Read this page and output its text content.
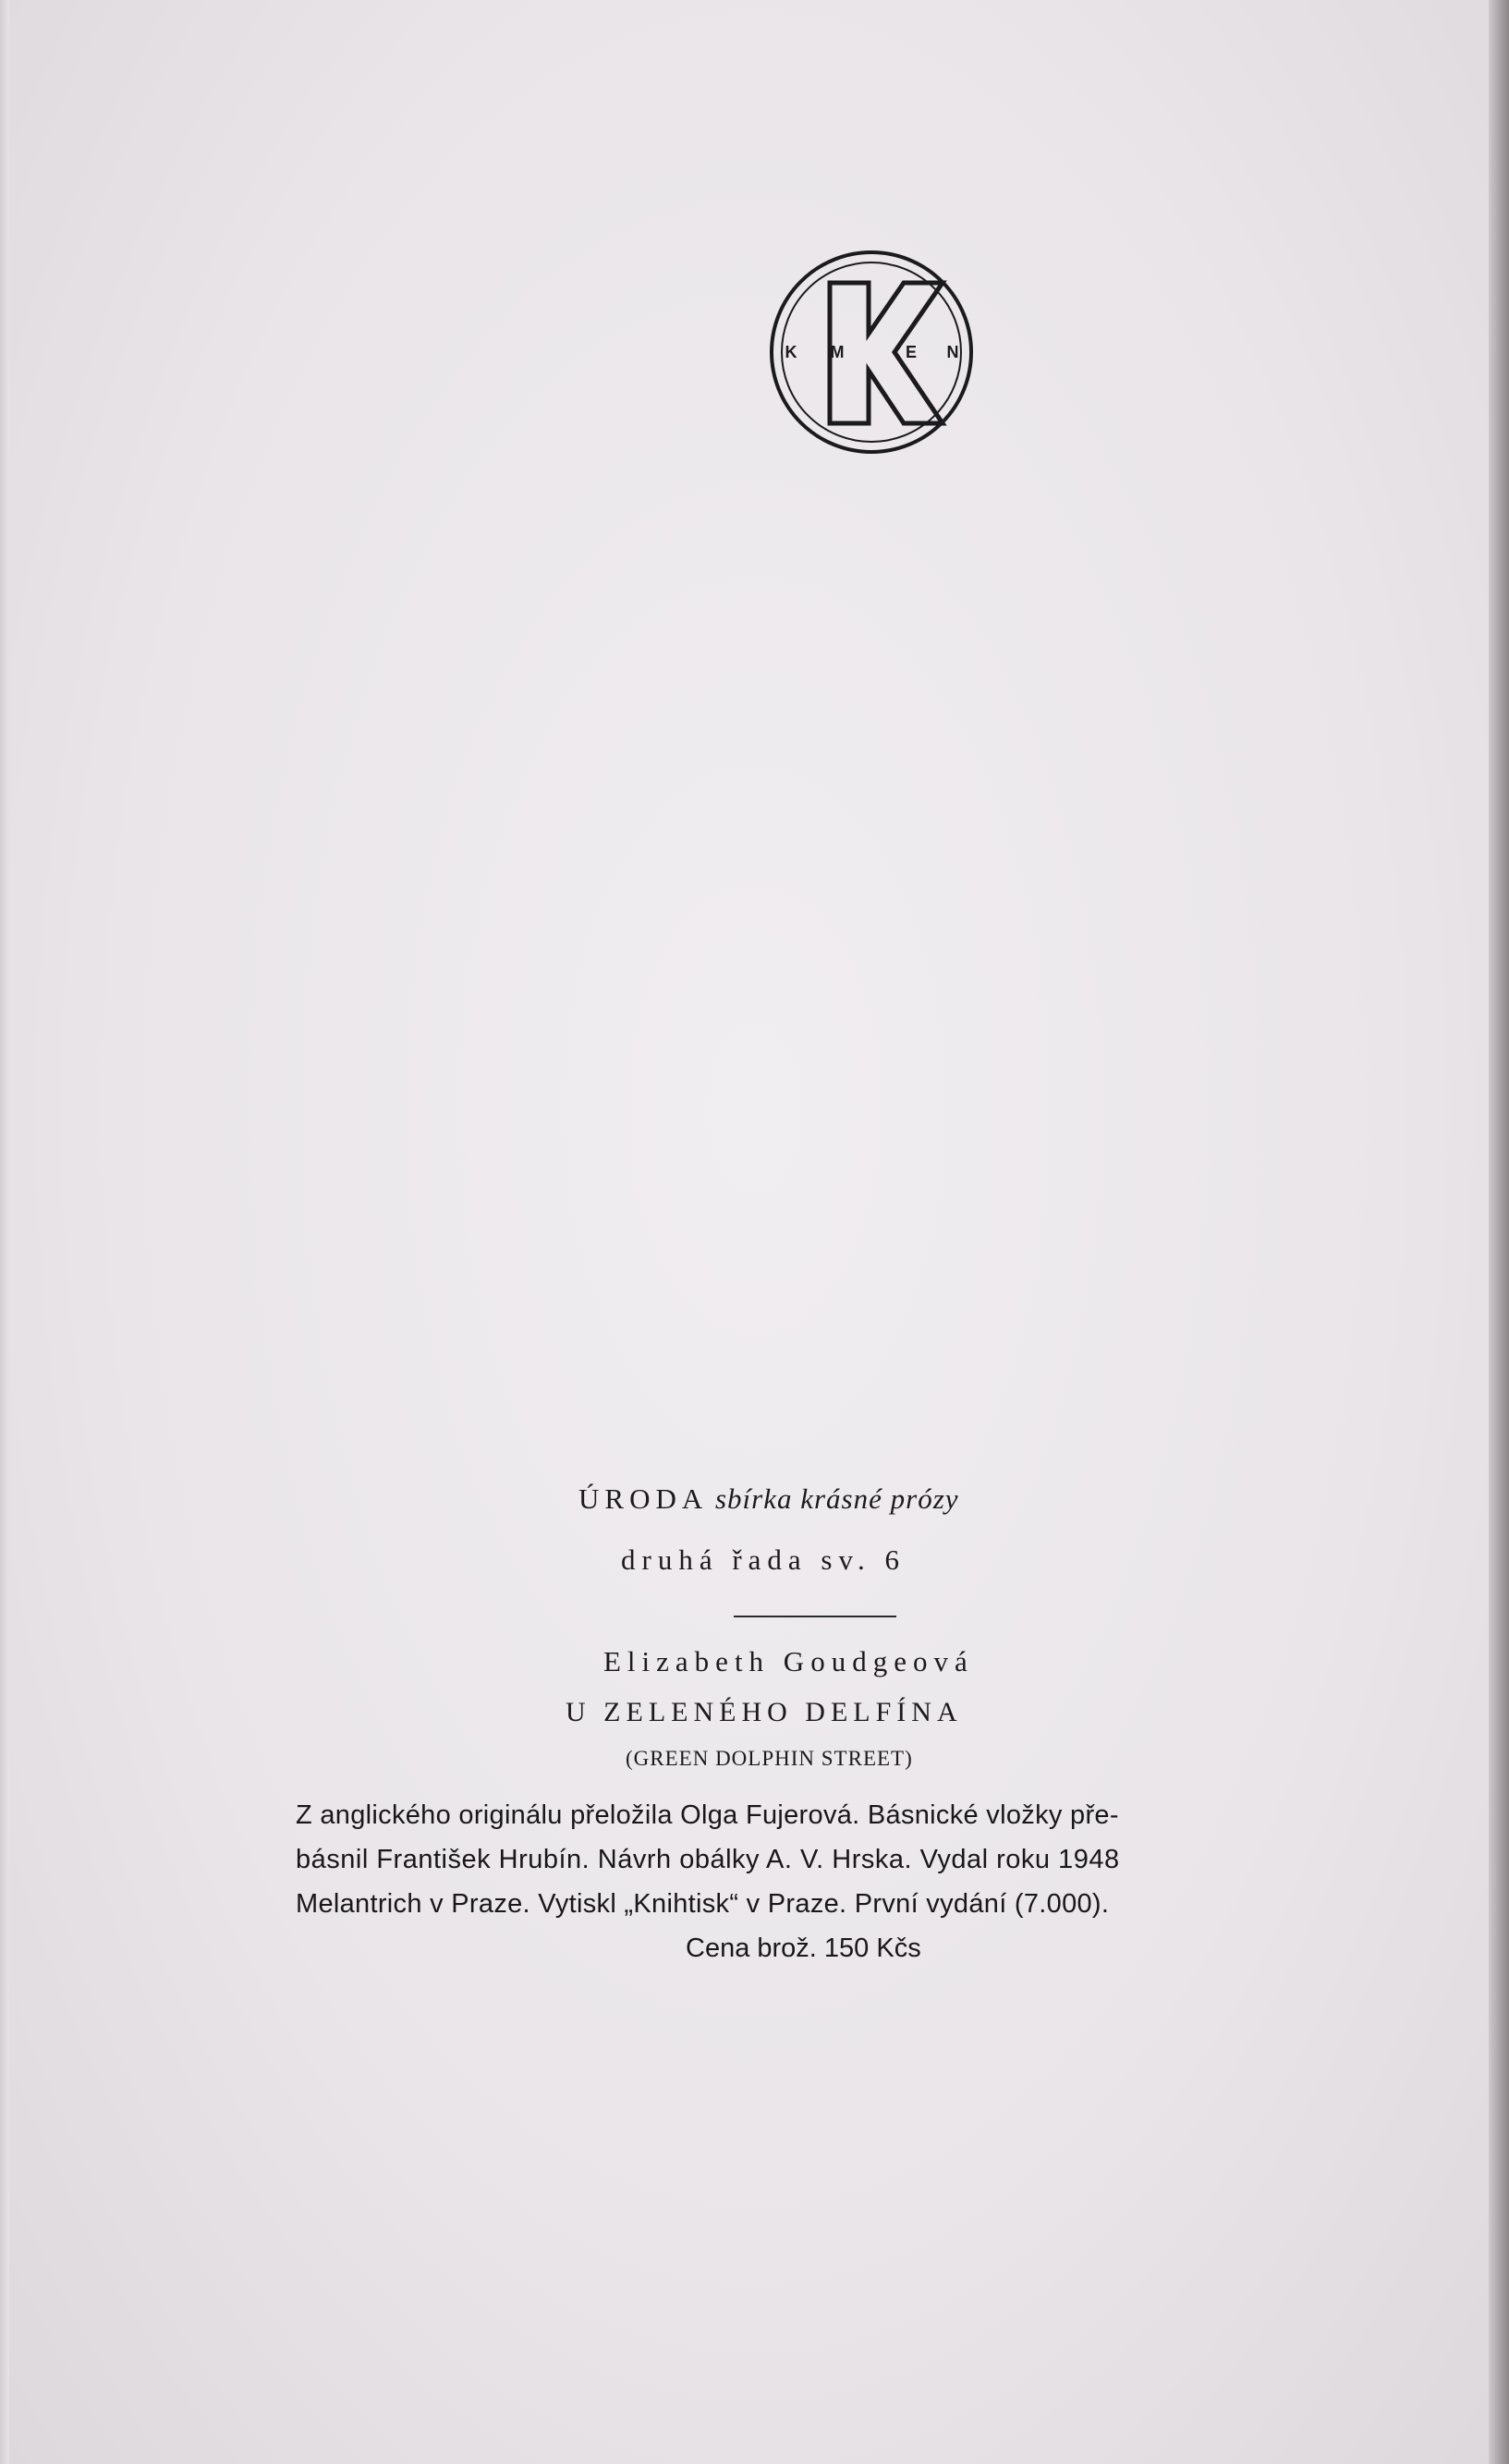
K M	E N
ÚRODA sbírka krásné prózy
druhá řada sv. 6
Elizabeth Goudgeová
U ZELENÉHO DELFÍNA
(GREEN DOLPHIN STREET)
Z anglického originálu přeložila Olga Fujerová. Básnické vložky pře-
básnil František Hrubín. Návrh obálky A. V. Hrska. Vydal roku 1948
Melantrich v Praze. Vytiskl „Knihtisk“ v Praze. První vydání (7.000).
Cena brož. 150 Kčs
